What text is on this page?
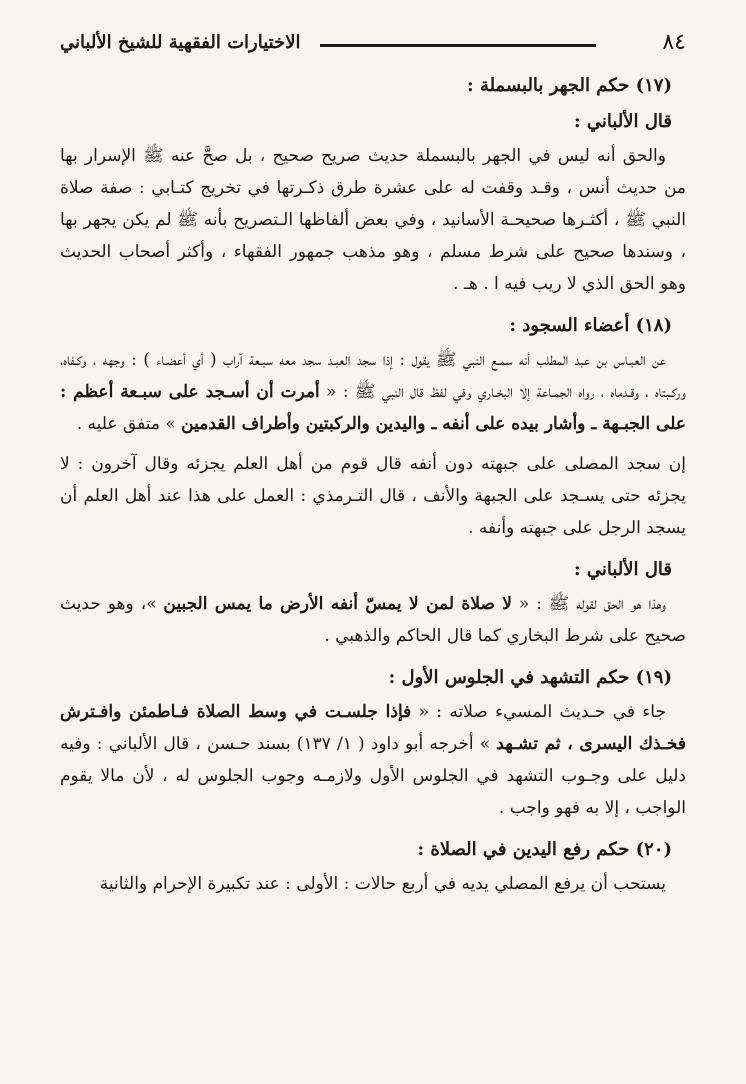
٨٤
الاختيارات الفقهية للشيخ الألباني

(١٧) حكم الجهر بالبسملة :

قال الألباني :

والحق أنه ليس في الجهر بالبسملة حديث صريح صحيح ، بل صحَّ عنه ﷺ الإسرار بها من حديث أنس ، وقـد وقفت له على عشرة طرق ذكـرتها في تخريج كتـابي : صفة صلاة النبي ﷺ ، أكثـرها صحيحـة الأسانيد ، وفي بعض ألفاظها الـتصريح بأنه ﷺ لم يكن يجهر بها ، وسندها صحيح على شرط مسلم ، وهو مذهب جمهور الفقهاء ، وأكثر أصحاب الحديث وهو الحق الذي لا ريب فيه ا . هـ .

(١٨) أعضاء السجود :

عن العبـاس بن عبد المطلب أنه سمـع النبي ﷺ يقول : إذا سجد العبـد سجد معه سبـعة آراب ( أي أعضـاء ) : وجهه ، وكـفاه، وركـبتاه ، وقـدماه ، رواه الجمـاعة إلا البخـاري وفي لفظ قال النبي ﷺ : « أمرت أن أسـجد على سبـعة أعظم : على الجبـهة ـ وأشار بيده على أنفه ـ واليدين والركبتين وأطراف القدمين » متفق عليه .

إن سجد المصلى على جبهته دون أنفه قال قوم من أهل العلم يجزئه وقال آخرون : لا يجزئه حتى يسـجد على الجبهة والأنف ، قال التـرمذي : العمل على هذا عند أهل العلم أن يسجد الرجل على جبهته وأنفه .

قال الألباني :

وهذا هو الحق لقوله ﷺ : « لا صلاة لمن لا يمسّ أنفه الأرض ما يمس الجبين »، وهو حديث صحيح على شرط البخاري كما قال الحاكم والذهبي .

(١٩) حكم التشهد في الجلوس الأول :

جاء في حـديث المسيء صلاته : « فإذا جلسـت في وسط الصلاة فـاطمئن وافـترش فخـذك اليسرى ، ثم تشـهد » أخرجه أبو داود ( ١/ ١٣٧) بسند حـسن ، قال الألباني : وفيه دليل على وجـوب التشهد في الجلوس الأول ولازمـه وجوب الجلوس له ، لأن مالا يقوم الواجب ، إلا به فهو واجب .

(٢٠) حكم رفع اليدين في الصلاة :

يستحب أن يرفع المصلي يديه في أربع حالات : الأولى : عند تكبيرة الإحرام والثانية
